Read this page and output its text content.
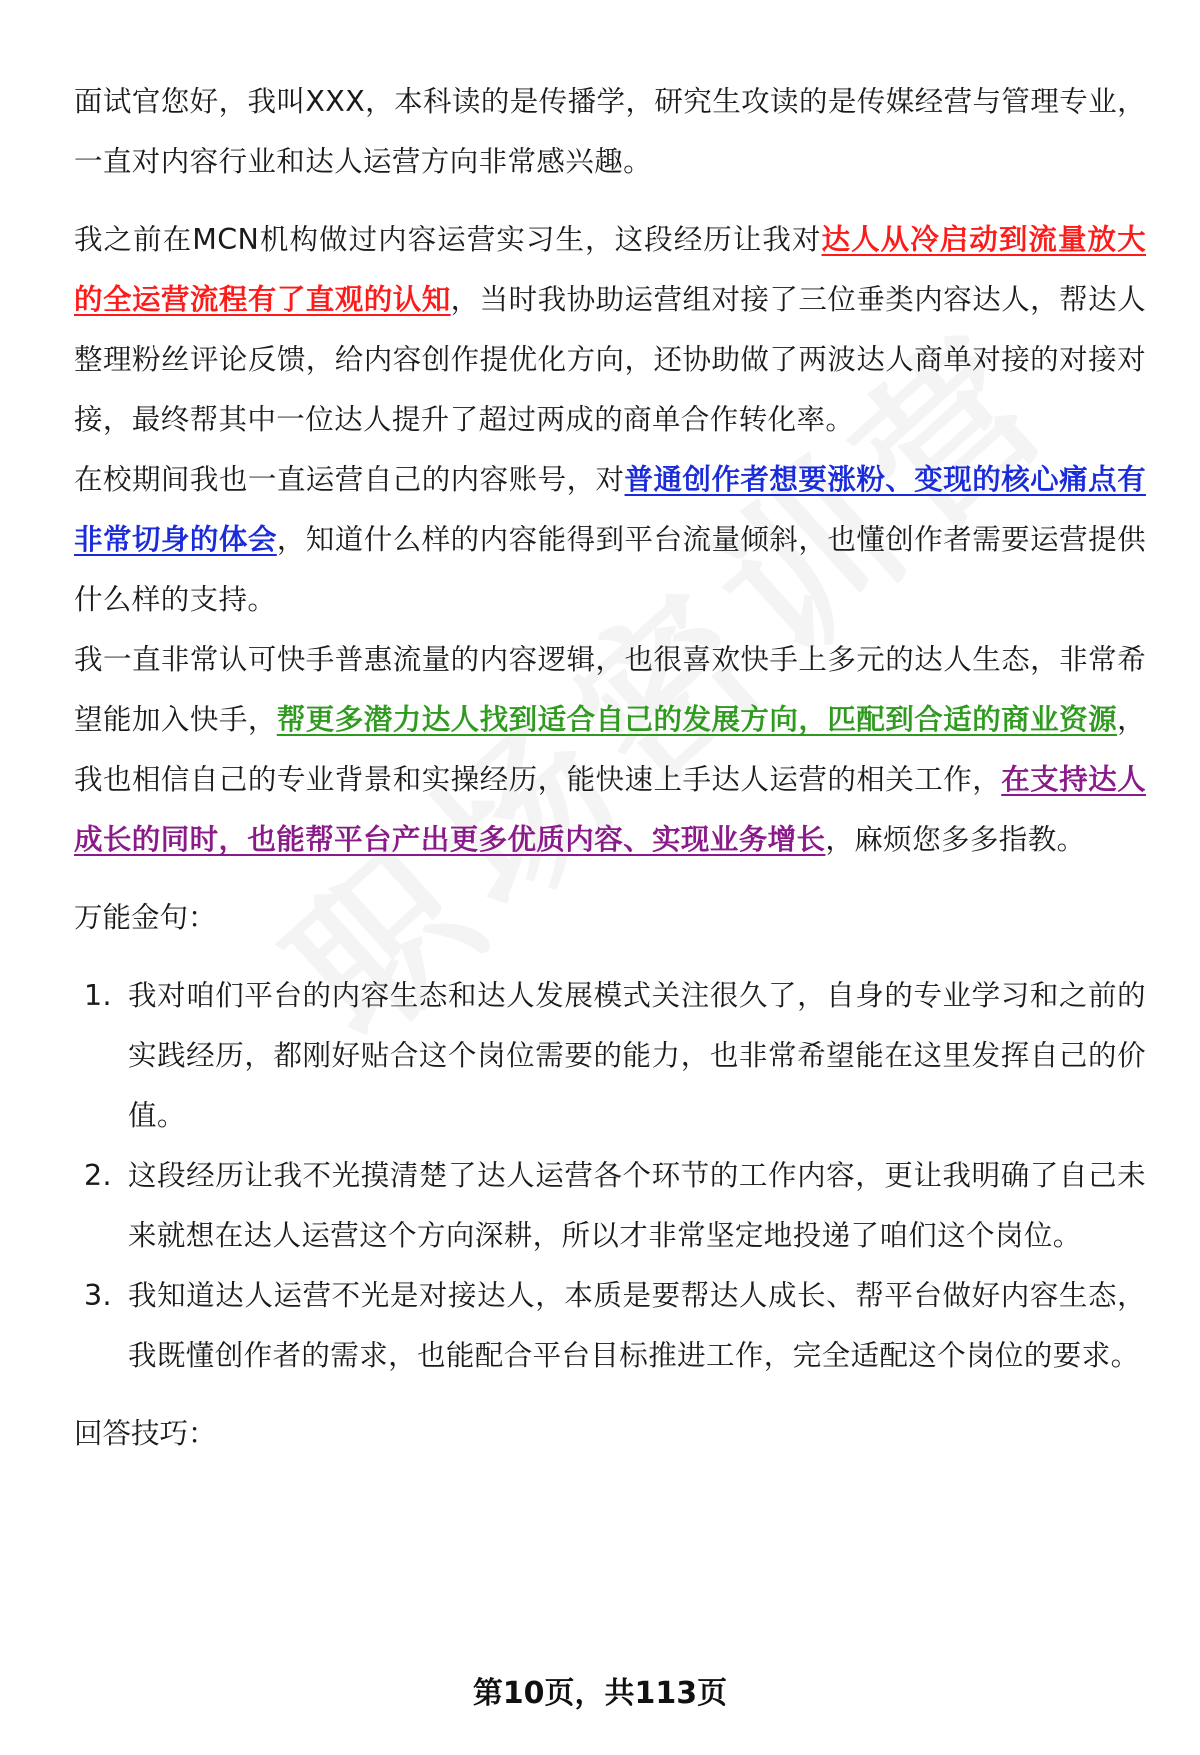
面试官您好，我叫XXX，本科读的是传播学，研究生攻读的是传媒经营与管理专业，一直对内容行业和达人运营方向非常感兴趣。

我之前在MCN机构做过内容运营实习生，这段经历让我对达人从冷启动到流量放大的全运营流程有了直观的认知，当时我协助运营组对接了三位垂类内容达人，帮达人整理粉丝评论反馈，给内容创作提优化方向，还协助做了两波达人商单对接的对接对接，最终帮其中一位达人提升了超过两成的商单合作转化率。

在校期间我也一直运营自己的内容账号，对普通创作者想要涨粉、变现的核心痛点有非常切身的体会，知道什么样的内容能得到平台流量倾斜，也懂创作者需要运营提供什么样的支持。

我一直非常认可快手普惠流量的内容逻辑，也很喜欢快手上多元的达人生态，非常希望能加入快手，帮更多潜力达人找到适合自己的发展方向，匹配到合适的商业资源，我也相信自己的专业背景和实操经历，能快速上手达人运营的相关工作，在支持达人成长的同时，也能帮平台产出更多优质内容、实现业务增长，麻烦您多多指教。

万能金句：

1. 我对咱们平台的内容生态和达人发展模式关注很久了，自身的专业学习和之前的实践经历，都刚好贴合这个岗位需要的能力，也非常希望能在这里发挥自己的价值。
2. 这段经历让我不光摸清楚了达人运营各个环节的工作内容，更让我明确了自己未来就想在达人运营这个方向深耕，所以才非常坚定地投递了咱们这个岗位。
3. 我知道达人运营不光是对接达人，本质是要帮达人成长、帮平台做好内容生态，我既懂创作者的需求，也能配合平台目标推进工作，完全适配这个岗位的要求。

回答技巧：

第10页，共113页
